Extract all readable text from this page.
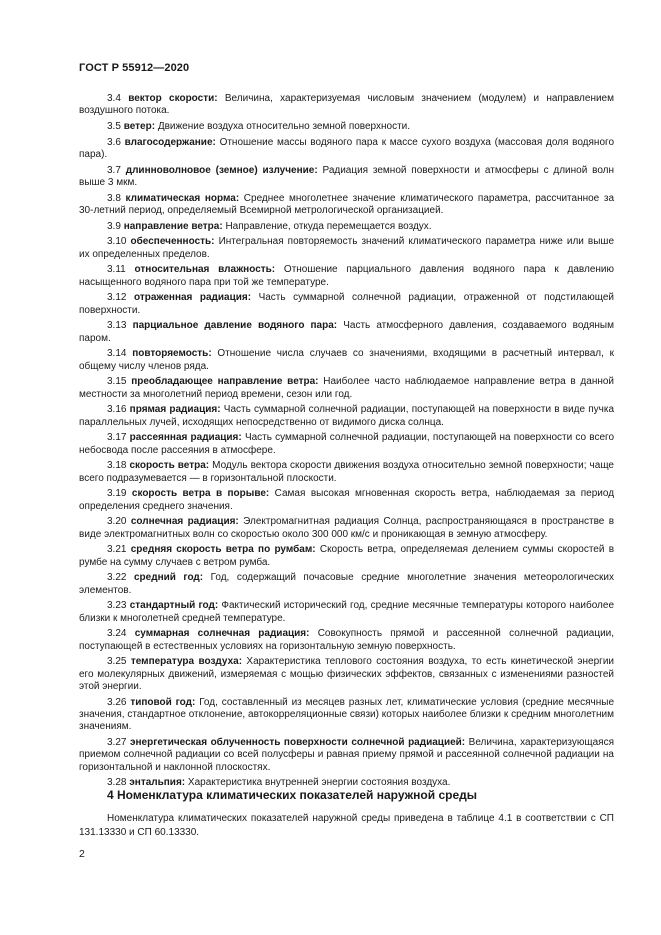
ГОСТ Р 55912—2020

3.4 вектор скорости: Величина, характеризуемая числовым значением (модулем) и направлением воздушного потока.

3.5 ветер: Движение воздуха относительно земной поверхности.

3.6 влагосодержание: Отношение массы водяного пара к массе сухого воздуха (массовая доля водяного пара).

3.7 длинноволновое (земное) излучение: Радиация земной поверхности и атмосферы с длиной волн выше 3 мкм.

3.8 климатическая норма: Среднее многолетнее значение климатического параметра, рассчитанное за 30-летний период, определяемый Всемирной метрологической организацией.

3.9 направление ветра: Направление, откуда перемещается воздух.

3.10 обеспеченность: Интегральная повторяемость значений климатического параметра ниже или выше их определенных пределов.

3.11 относительная влажность: Отношение парциального давления водяного пара к давлению насыщенного водяного пара при той же температуре.

3.12 отраженная радиация: Часть суммарной солнечной радиации, отраженной от подстилающей поверхности.

3.13 парциальное давление водяного пара: Часть атмосферного давления, создаваемого водяным паром.

3.14 повторяемость: Отношение числа случаев со значениями, входящими в расчетный интервал, к общему числу членов ряда.

3.15 преобладающее направление ветра: Наиболее часто наблюдаемое направление ветра в данной местности за многолетний период времени, сезон или год.

3.16 прямая радиация: Часть суммарной солнечной радиации, поступающей на поверхности в виде пучка параллельных лучей, исходящих непосредственно от видимого диска солнца.

3.17 рассеянная радиация: Часть суммарной солнечной радиации, поступающей на поверхности со всего небосвода после рассеяния в атмосфере.

3.18 скорость ветра: Модуль вектора скорости движения воздуха относительно земной поверхности; чаще всего подразумевается — в горизонтальной плоскости.

3.19 скорость ветра в порыве: Самая высокая мгновенная скорость ветра, наблюдаемая за период определения среднего значения.

3.20 солнечная радиация: Электромагнитная радиация Солнца, распространяющаяся в пространстве в виде электромагнитных волн со скоростью около 300 000 км/с и проникающая в земную атмосферу.

3.21 средняя скорость ветра по румбам: Скорость ветра, определяемая делением суммы скоростей в румбе на сумму случаев с ветром румба.

3.22 средний год: Год, содержащий почасовые средние многолетние значения метеорологических элементов.

3.23 стандартный год: Фактический исторический год, средние месячные температуры которого наиболее близки к многолетней средней температуре.

3.24 суммарная солнечная радиация: Совокупность прямой и рассеянной солнечной радиации, поступающей в естественных условиях на горизонтальную земную поверхность.

3.25 температура воздуха: Характеристика теплового состояния воздуха, то есть кинетической энергии его молекулярных движений, измеряемая с мощью физических эффектов, связанных с изменениями разностей этой энергии.

3.26 типовой год: Год, составленный из месяцев разных лет, климатические условия (средние месячные значения, стандартное отклонение, автокорреляционные связи) которых наиболее близки к средним многолетним значениям.

3.27 энергетическая облученность поверхности солнечной радиацией: Величина, характеризующаяся приемом солнечной радиации со всей полусферы и равная приему прямой и рассеянной солнечной радиации на горизонтальной и наклонной плоскостях.

3.28 энтальпия: Характеристика внутренней энергии состояния воздуха.

4 Номенклатура климатических показателей наружной среды

Номенклатура климатических показателей наружной среды приведена в таблице 4.1 в соответствии с СП 131.13330 и СП 60.13330.

2
